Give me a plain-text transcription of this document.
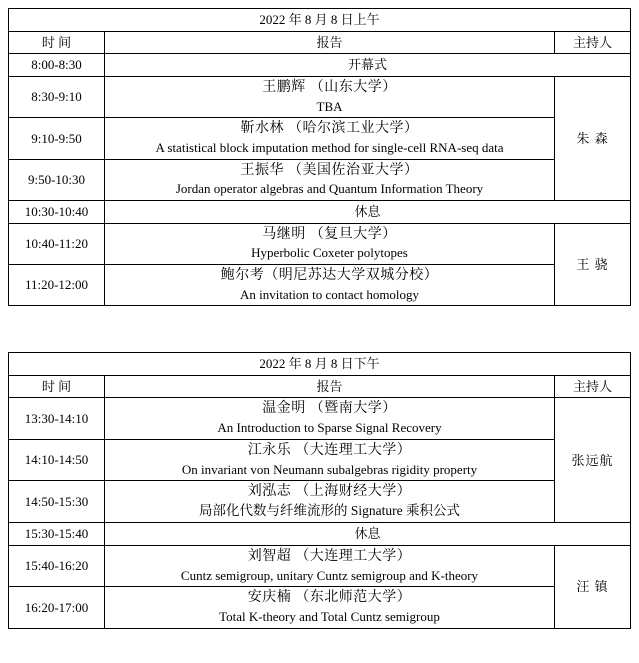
2022 年 8 月 8 日上午		
时 间	报告	主持人
8:00-8:30	开幕式	
8:30-9:10	王鹏辉 （山东大学）
TBA	朱 森
9:10-9:50	靳水林 （哈尔滨工业大学）
A statistical block imputation method for single-cell RNA-seq data	

9:50-10:30	王振华 （美国佐治亚大学）
Jordan operator algebras and Quantum Information Theory	

10:30-10:40	休息	
10:40-11:20	马继明 （复旦大学）
Hyperbolic Coxeter polytopes	王 骁
11:20-12:00	鲍尔考（明尼苏达大学双城分校）
An invitation to contact homology	
2022 年 8 月 8 日下午		
时 间	报告	主持人
13:30-14:10	温金明 （暨南大学）
An Introduction to Sparse Signal Recovery	张远航
14:10-14:50	江永乐 （大连理工大学）
On invariant von Neumann subalgebras rigidity property	

14:50-15:30	刘泓志 （上海财经大学）
局部化代数与纤维流形的 Signature 乘积公式	

15:30-15:40	休息	
15:40-16:20	刘智超 （大连理工大学）
Cuntz semigroup, unitary Cuntz semigroup and K-theory	汪 镇
16:20-17:00	安庆楠 （东北师范大学）
Total K-theory and Total Cuntz semigroup	
